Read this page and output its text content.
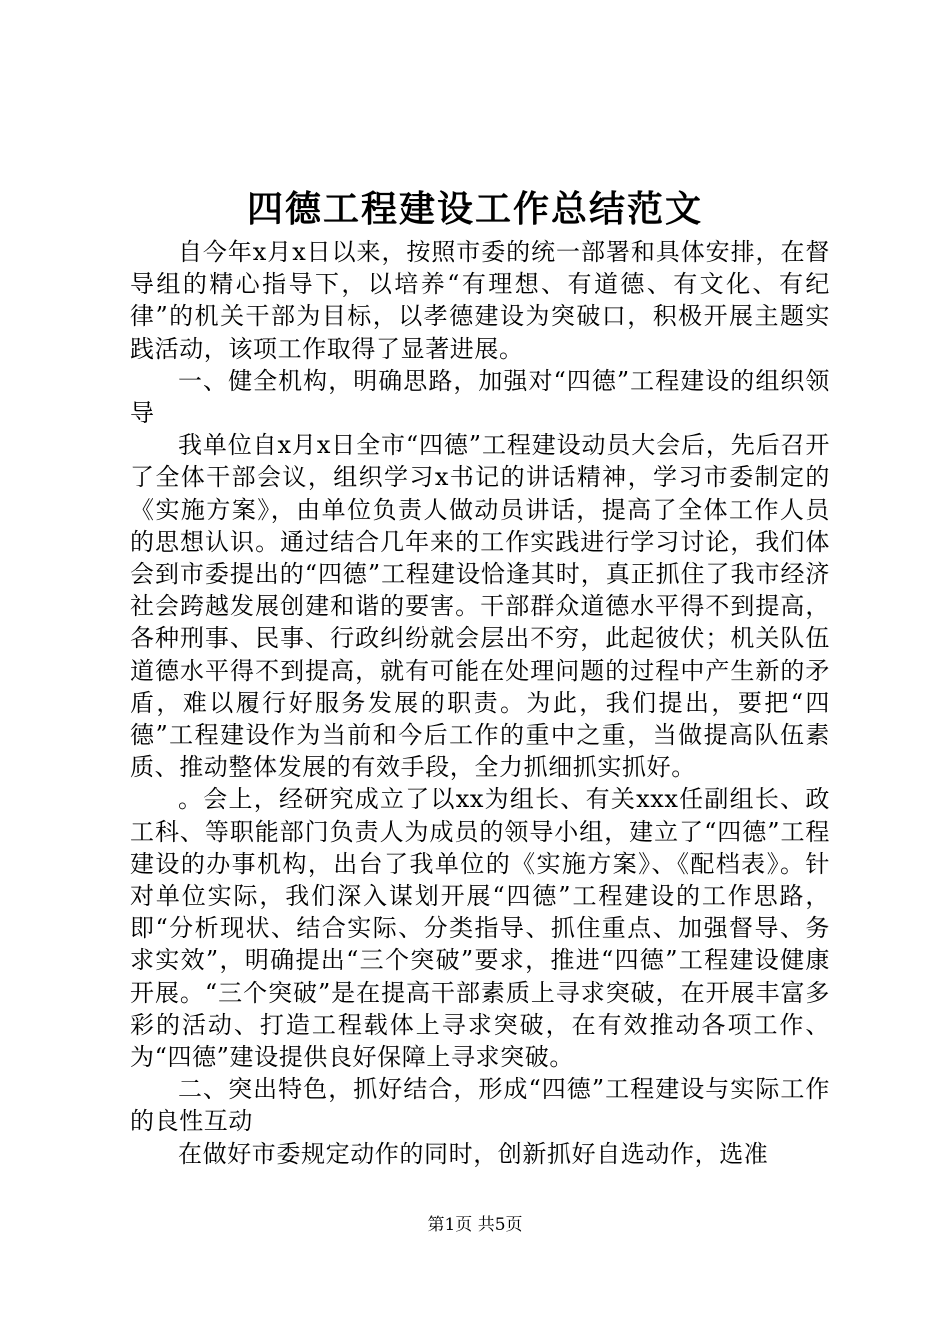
四德工程建设工作总结范文

自今年x月x日以来，按照市委的统一部署和具体安排，在督导组的精心指导下，以培养“有理想、有道德、有文化、有纪律”的机关干部为目标，以孝德建设为突破口，积极开展主题实践活动，该项工作取得了显著进展。

一、健全机构，明确思路，加强对“四德”工程建设的组织领导

我单位自x月x日全市“四德”工程建设动员大会后，先后召开了全体干部会议，组织学习x书记的讲话精神，学习市委制定的《实施方案》，由单位负责人做动员讲话，提高了全体工作人员的思想认识。通过结合几年来的工作实践进行学习讨论，我们体会到市委提出的“四德”工程建设恰逢其时，真正抓住了我市经济社会跨越发展创建和谐的要害。干部群众道德水平得不到提高，各种刑事、民事、行政纠纷就会层出不穷，此起彼伏；机关队伍道德水平得不到提高，就有可能在处理问题的过程中产生新的矛盾，难以履行好服务发展的职责。为此，我们提出，要把“四德”工程建设作为当前和今后工作的重中之重，当做提高队伍素质、推动整体发展的有效手段，全力抓细抓实抓好。

。会上，经研究成立了以xx为组长、有关xxx任副组长、政工科、等职能部门负责人为成员的领导小组，建立了“四德”工程建设的办事机构，出台了我单位的《实施方案》、《配档表》。针对单位实际，我们深入谋划开展“四德”工程建设的工作思路，即“分析现状、结合实际、分类指导、抓住重点、加强督导、务求实效”，明确提出“三个突破”要求，推进“四德”工程建设健康开展。“三个突破”是在提高干部素质上寻求突破，在开展丰富多彩的活动、打造工程载体上寻求突破，在有效推动各项工作、为“四德”建设提供良好保障上寻求突破。

二、突出特色，抓好结合，形成“四德”工程建设与实际工作的良性互动

在做好市委规定动作的同时，创新抓好自选动作，选准

第1页 共5页
